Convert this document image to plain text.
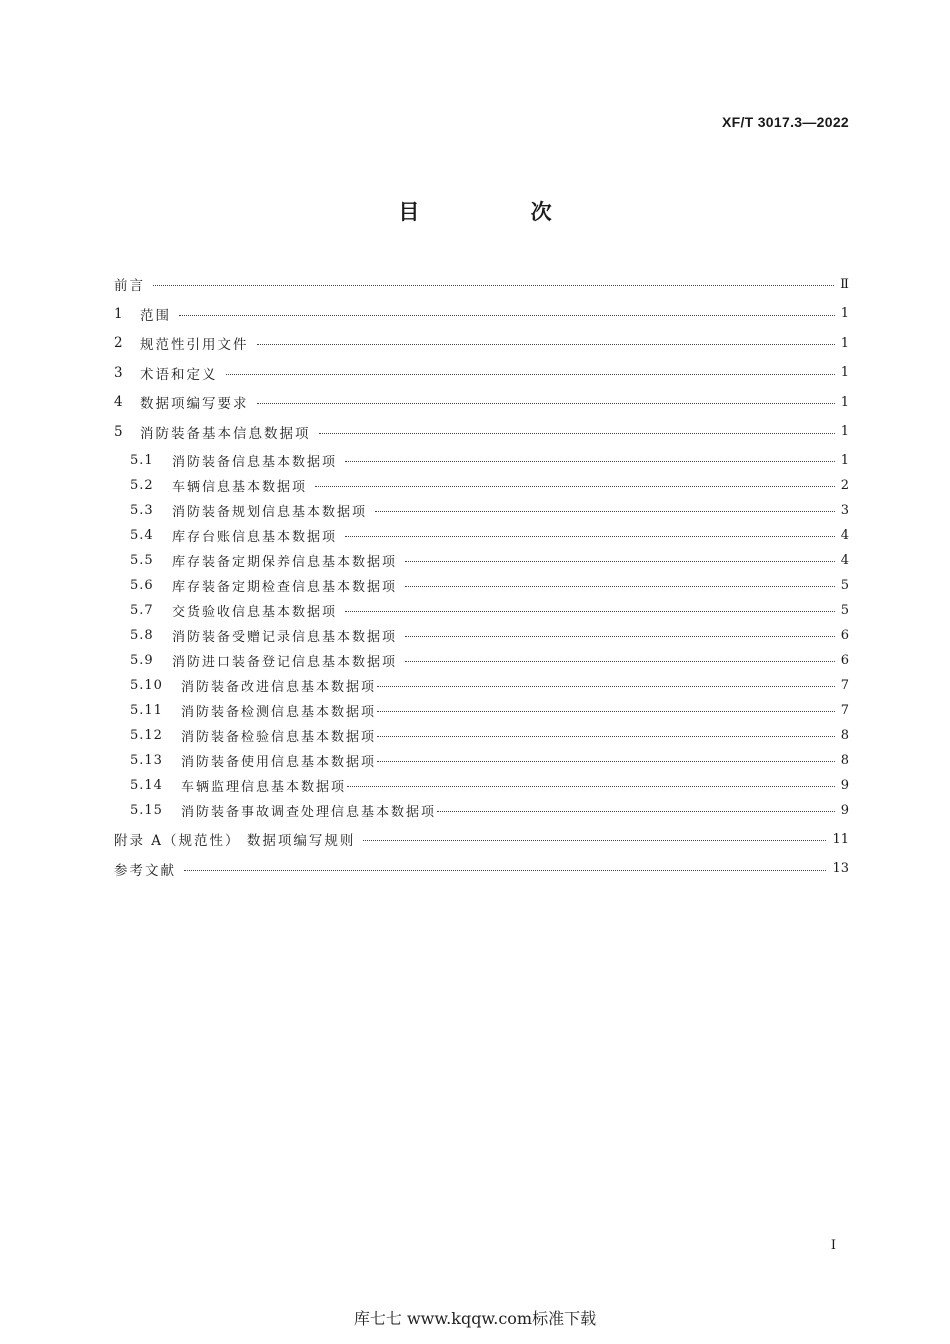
XF/T 3017.3—2022
目 次
前言	Ⅱ
1	范围	1
2	规范性引用文件	1
3	术语和定义	1
4	数据项编写要求	1
5	消防装备基本信息数据项	1
5.1	消防装备信息基本数据项	1
5.2	车辆信息基本数据项	2
5.3	消防装备规划信息基本数据项	3
5.4	库存台账信息基本数据项	4
5.5	库存装备定期保养信息基本数据项	4
5.6	库存装备定期检查信息基本数据项	5
5.7	交货验收信息基本数据项	5
5.8	消防装备受赠记录信息基本数据项	6
5.9	消防进口装备登记信息基本数据项	6
5.10	消防装备改进信息基本数据项	7
5.11	消防装备检测信息基本数据项	7
5.12	消防装备检验信息基本数据项	8
5.13	消防装备使用信息基本数据项	8
5.14	车辆监理信息基本数据项	9
5.15	消防装备事故调查处理信息基本数据项	9
附录 A（规范性） 数据项编写规则	11
参考文献	13
I
库七七 www.kqqw.com标准下载
